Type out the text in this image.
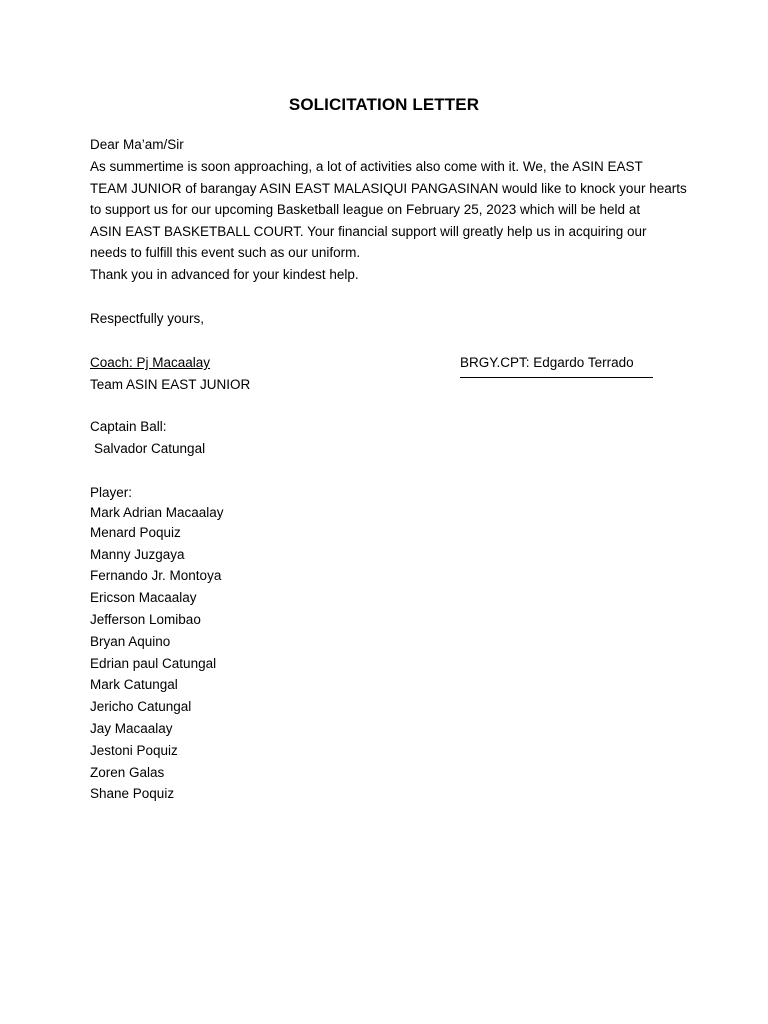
SOLICITATION LETTER
Dear Ma’am/Sir
As summertime is soon approaching, a lot of activities also come with it. We, the ASIN EAST
TEAM JUNIOR of barangay ASIN EAST MALASIQUI PANGASINAN would like to knock your hearts
to support us for our upcoming Basketball league on February 25, 2023 which will be held at
ASIN EAST BASKETBALL COURT. Your financial support will greatly help us in acquiring our
needs to fulfill this event such as our uniform.
Thank you in advanced for your kindest help.
Respectfully yours,
Coach: Pj Macaalay
Team ASIN EAST JUNIOR
BRGY.CPT: Edgardo Terrado
Captain Ball:
Salvador Catungal
Player:
Mark Adrian Macaalay
Menard Poquiz
Manny Juzgaya
Fernando Jr. Montoya
Ericson Macaalay
Jefferson Lomibao
Bryan Aquino
Edrian paul Catungal
Mark Catungal
Jericho Catungal
Jay Macaalay
Jestoni Poquiz
Zoren Galas
Shane Poquiz
